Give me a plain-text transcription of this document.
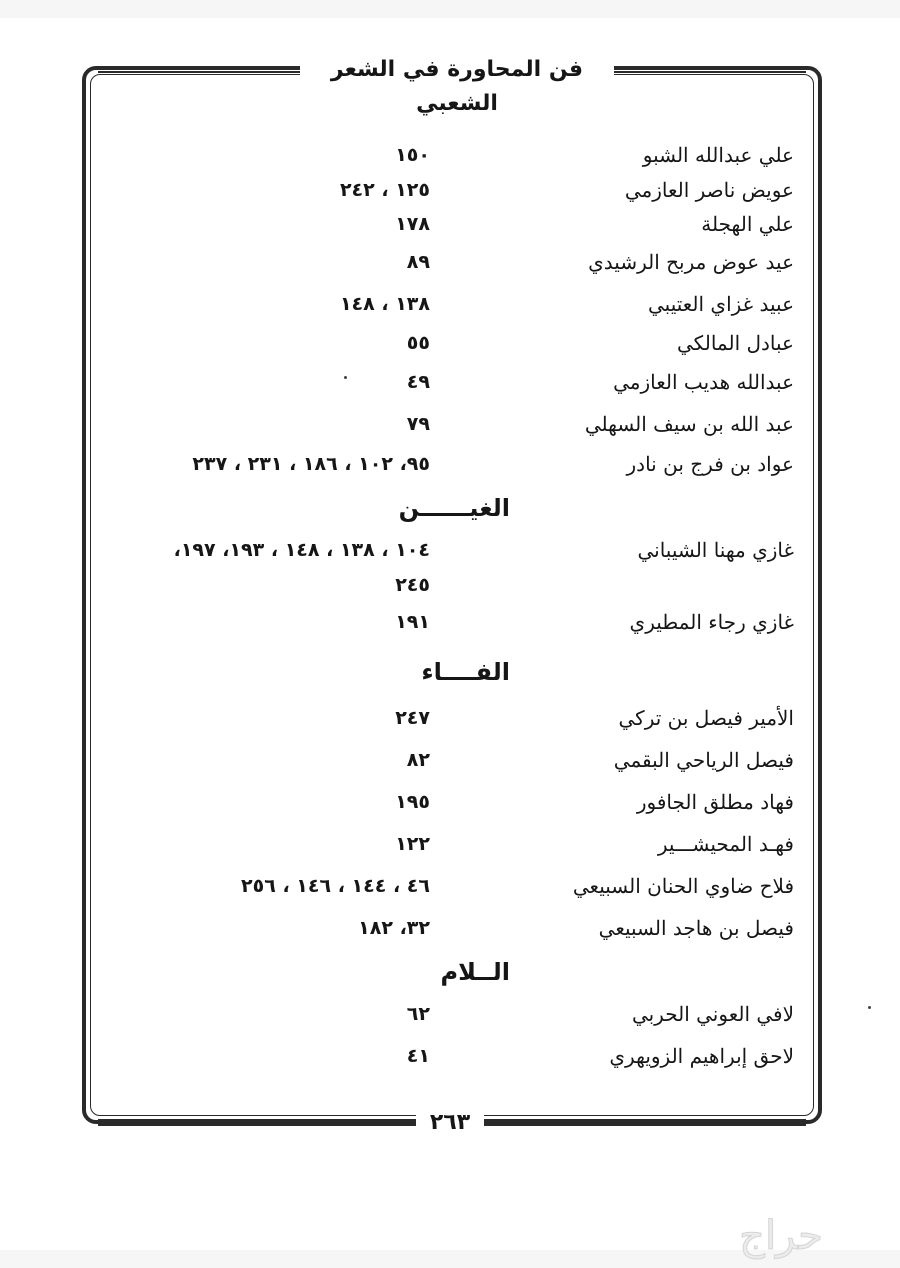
فن المحاورة في الشعر الشعبي
علي عبدالله الشبو
١٥٠
عويض ناصر العازمي
١٢٥ ، ٢٤٢
علي الهجلة
١٧٨
عيد عوض مربح الرشيدي
٨٩
عبيد غزاي العتيبي
١٣٨ ، ١٤٨
عبادل المالكي
٥٥
عبدالله هديب العازمي
٤٩
عبد الله بن سيف السهلي
٧٩
عواد بن فرج بن نادر
٩٥، ١٠٢ ، ١٨٦ ، ٢٣١ ، ٢٣٧
الغيــــــن
غازي مهنا الشيباني
١٠٤ ، ١٣٨ ، ١٤٨ ، ١٩٣، ١٩٧،
٢٤٥
غازي رجاء المطيري
١٩١
الفــــاء
الأمير فيصل بن تركي
٢٤٧
فيصل الرياحي البقمي
٨٢
فهاد مطلق الجافور
١٩٥
فهـد المحيشـــير
١٢٢
فلاح ضاوي الحنان السبيعي
٤٦ ، ١٤٤ ، ١٤٦ ، ٢٥٦
فيصل بن هاجد السبيعي
٣٢، ١٨٢
الــلام
لافي العوني الحربي
٦٢
لاحق إبراهيم الزويهري
٤١
٢٦٣
حراج
